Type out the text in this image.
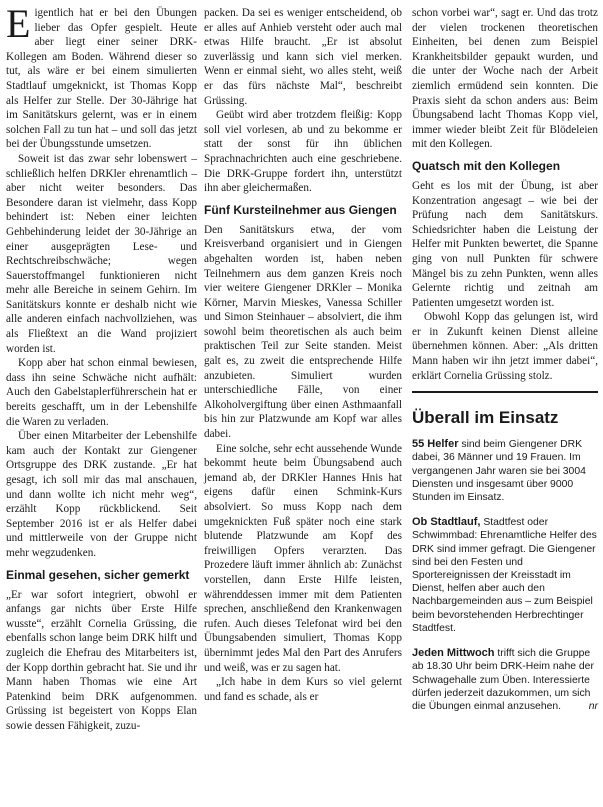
Eigentlich hat er bei den Übungen lieber das Opfer gespielt. Heute aber liegt einer seiner DRK-Kollegen am Boden. Während dieser so tut, als wäre er bei einem simulierten Stadtlauf umgeknickt, ist Thomas Kopp als Helfer zur Stelle. Der 30-Jährige hat im Sanitätskurs gelernt, was er in einem solchen Fall zu tun hat – und soll das jetzt bei der Übungsstunde umsetzen.

Soweit ist das zwar sehr lobenswert – schließlich helfen DRKler ehrenamtlich – aber nicht weiter besonders. Das Besondere daran ist vielmehr, dass Kopp behindert ist: Neben einer leichten Gehbehinderung leidet der 30-Jährige an einer ausgeprägten Lese- und Rechtschreibschwäche; wegen Sauerstoffmangel funktionieren nicht mehr alle Bereiche in seinem Gehirn. Im Sanitätskurs konnte er deshalb nicht wie alle anderen einfach nachvollziehen, was als Fließtext an die Wand projiziert worden ist.

Kopp aber hat schon einmal bewiesen, dass ihn seine Schwäche nicht aufhält: Auch den Gabelstaplerführerschein hat er bereits geschafft, um in der Lebenshilfe die Waren zu verladen.

Über einen Mitarbeiter der Lebenshilfe kam auch der Kontakt zur Giengener Ortsgruppe des DRK zustande. „Er hat gesagt, ich soll mir das mal anschauen, und dann wollte ich nicht mehr weg“, erzählt Kopp rückblickend. Seit September 2016 ist er als Helfer dabei und mittlerweile von der Gruppe nicht mehr wegzudenken.

Einmal gesehen, sicher gemerkt

„Er war sofort integriert, obwohl er anfangs gar nichts über Erste Hilfe wusste“, erzählt Cornelia Grüssing, die ebenfalls schon lange beim DRK hilft und zugleich die Ehefrau des Mitarbeiters ist, der Kopp dorthin gebracht hat. Sie und ihr Mann haben Thomas wie eine Art Patenkind beim DRK aufgenommen. Grüssing ist begeistert von Kopps Elan sowie dessen Fähigkeit, zuzu-

packen. Da sei es weniger entscheidend, ob er alles auf Anhieb versteht oder auch mal etwas Hilfe braucht. „Er ist absolut zuverlässig und kann sich viel merken. Wenn er einmal sieht, wo alles steht, weiß er das fürs nächste Mal“, beschreibt Grüssing.

Geübt wird aber trotzdem fleißig: Kopp soll viel vorlesen, ab und zu bekomme er statt der sonst für ihn üblichen Sprachnachrichten auch eine geschriebene. Die DRK-Gruppe fordert ihn, unterstützt ihn aber gleichermaßen.

Fünf Kursteilnehmer aus Giengen

Den Sanitätskurs etwa, der vom Kreisverband organisiert und in Giengen abgehalten worden ist, haben neben Teilnehmern aus dem ganzen Kreis noch vier weitere Giengener DRKler – Monika Körner, Marvin Mieskes, Vanessa Schiller und Simon Steinhauer – absolviert, die ihm sowohl beim theoretischen als auch beim praktischen Teil zur Seite standen. Meist galt es, zu zweit die entsprechende Hilfe anzubieten. Simuliert wurden unterschiedliche Fälle, von einer Alkoholvergiftung über einen Asthmaanfall bis hin zur Platzwunde am Kopf war alles dabei.

Eine solche, sehr echt aussehende Wunde bekommt heute beim Übungsabend auch jemand ab, der DRKler Hannes Hnis hat eigens dafür einen Schmink-Kurs absolviert. So muss Kopp nach dem umgeknickten Fuß später noch eine stark blutende Platzwunde am Kopf des freiwilligen Opfers verarzten. Das Prozedere läuft immer ähnlich ab: Zunächst vorstellen, dann Erste Hilfe leisten, währenddessen immer mit dem Patienten sprechen, anschließend den Krankenwagen rufen. Auch dieses Telefonat wird bei den Übungsabenden simuliert, Thomas Kopp übernimmt jedes Mal den Part des Anrufers und weiß, was er zu sagen hat.

„Ich habe in dem Kurs so viel gelernt und fand es schade, als er

schon vorbei war“, sagt er. Und das trotz der vielen trockenen theoretischen Einheiten, bei denen zum Beispiel Krankheitsbilder gepaukt wurden, und die unter der Woche nach der Arbeit ziemlich ermüdend sein konnten. Die Praxis sieht da schon anders aus: Beim Übungsabend lacht Thomas Kopp viel, immer wieder bleibt Zeit für Blödeleien mit den Kollegen.

Quatsch mit den Kollegen

Geht es los mit der Übung, ist aber Konzentration angesagt – wie bei der Prüfung nach dem Sanitätskurs. Schiedsrichter haben die Leistung der Helfer mit Punkten bewertet, die Spanne ging von null Punkten für schwere Mängel bis zu zehn Punkten, wenn alles Gelernte richtig und zeitnah am Patienten umgesetzt worden ist.

Obwohl Kopp das gelungen ist, wird er in Zukunft keinen Dienst alleine übernehmen können. Aber: „Als dritten Mann haben wir ihn jetzt immer dabei“, erklärt Cornelia Grüssing stolz.

Überall im Einsatz

55 Helfer sind beim Giengener DRK dabei, 36 Männer und 19 Frauen. Im vergangenen Jahr waren sie bei 3004 Diensten und insgesamt über 9000 Stunden im Einsatz.

Ob Stadtlauf, Stadtfest oder Schwimmbad: Ehrenamtliche Helfer des DRK sind immer gefragt. Die Giengener sind bei den Festen und Sportereignissen der Kreisstadt im Dienst, helfen aber auch den Nachbargemeinden aus – zum Beispiel beim bevorstehenden Herbrechtinger Stadtfest.

Jeden Mittwoch trifft sich die Gruppe ab 18.30 Uhr beim DRK-Heim nahe der Schwagehalle zum Üben. Interessierte dürfen jederzeit dazukommen, um sich die Übungen einmal anzusehen.	nr
